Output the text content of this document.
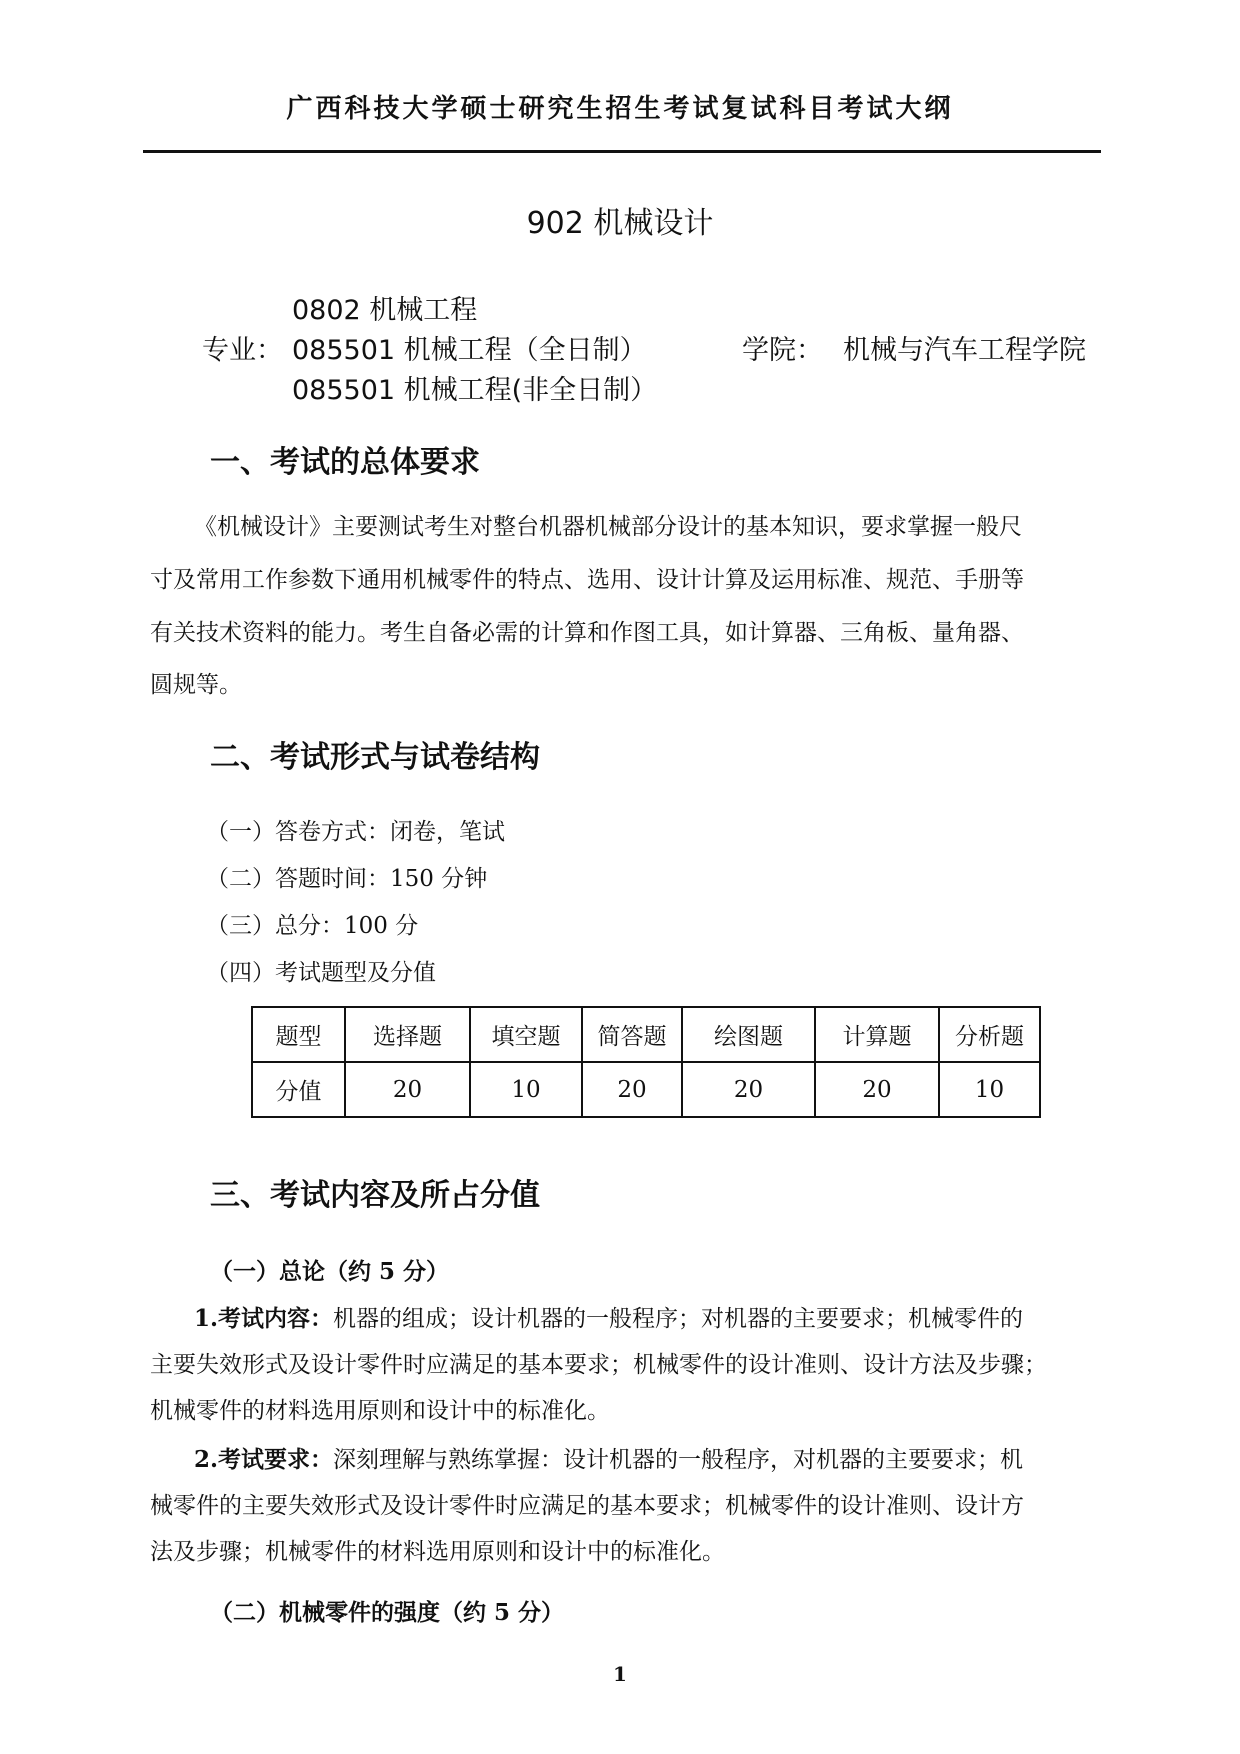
广西科技大学硕士研究生招生考试复试科目考试大纲
902 机械设计
0802 机械工程
专业： 085501 机械工程（全日制）	学院： 机械与汽车工程学院
085501 机械工程(非全日制）
一、考试的总体要求
《机械设计》主要测试考生对整台机器机械部分设计的基本知识，要求掌握一般尺
寸及常用工作参数下通用机械零件的特点、选用、设计计算及运用标准、规范、手册等
有关技术资料的能力。考生自备必需的计算和作图工具，如计算器、三角板、量角器、
圆规等。
二、考试形式与试卷结构
（一）答卷方式：闭卷，笔试
（二）答题时间：150 分钟
（三）总分：100 分
（四）考试题型及分值
题型	选择题	填空题	简答题	绘图题	计算题	分析题
分值	20	10	20	20	20	10
三、考试内容及所占分值
（一）总论（约 5 分）
1.考试内容：机器的组成；设计机器的一般程序；对机器的主要要求；机械零件的
主要失效形式及设计零件时应满足的基本要求；机械零件的设计准则、设计方法及步骤；
机械零件的材料选用原则和设计中的标准化。
2.考试要求：深刻理解与熟练掌握：设计机器的一般程序，对机器的主要要求；机
械零件的主要失效形式及设计零件时应满足的基本要求；机械零件的设计准则、设计方
法及步骤；机械零件的材料选用原则和设计中的标准化。
（二）机械零件的强度（约 5 分）
1
